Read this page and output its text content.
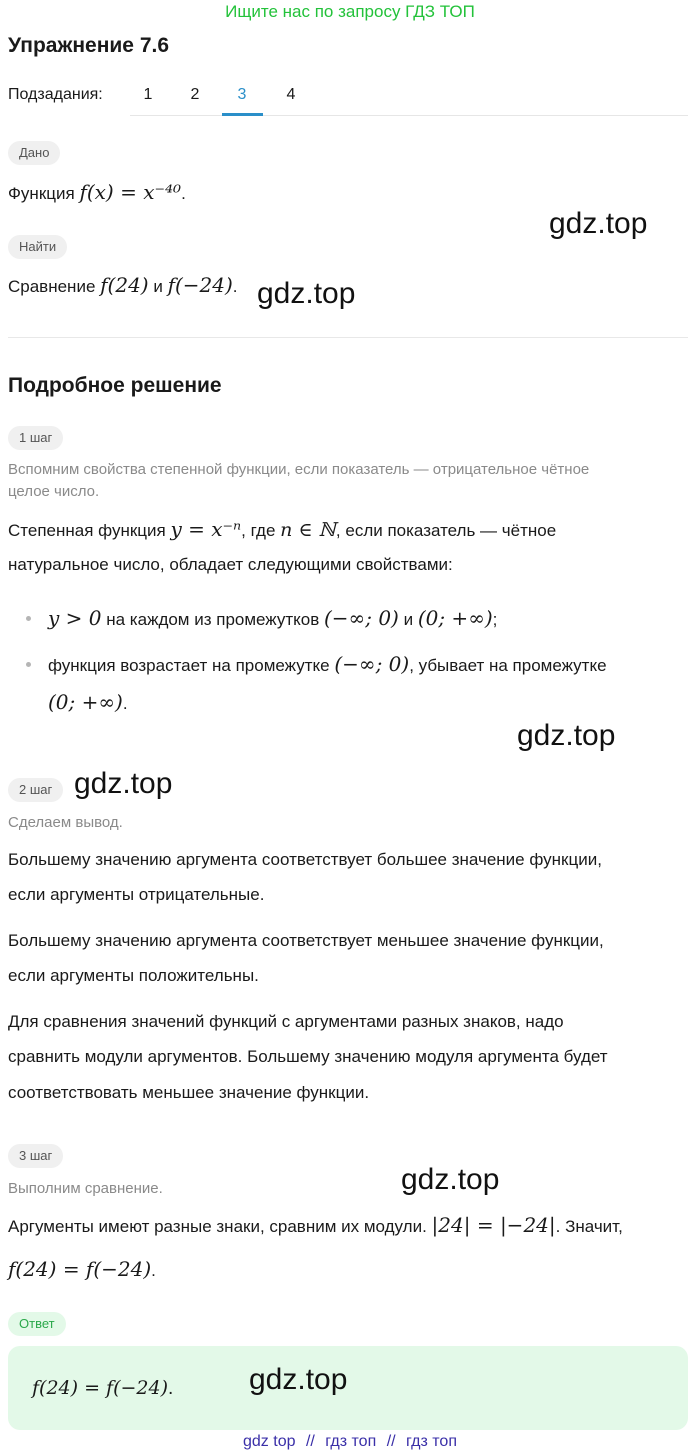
Ищите нас по запросу ГДЗ ТОП
Упражнение 7.6
Подзадания:	1	2	3	4
Дано
Функция f(x) = x⁻⁴⁰.
Найти
Сравнение f(24) и f(−24).
Подробное решение
1 шаг
Вспомним свойства степенной функции, если показатель — отрицательное чётное
целое число.
Степенная функция y = x⁻ⁿ, где n ∈ ℕ, если показатель — чётное
натуральное число, обладает следующими свойствами:
y > 0 на каждом из промежутков (−∞; 0) и (0; +∞);
функция возрастает на промежутке (−∞; 0), убывает на промежутке
(0; +∞).
2 шаг
Сделаем вывод.
Большему значению аргумента соответствует большее значение функции,
если аргументы отрицательные.
Большему значению аргумента соответствует меньшее значение функции,
если аргументы положительны.
Для сравнения значений функций с аргументами разных знаков, надо
сравнить модули аргументов. Большему значению модуля аргумента будет
соответствовать меньшее значение функции.
3 шаг
Выполним сравнение.
Аргументы имеют разные знаки, сравним их модули. |24| = |−24|. Значит,
f(24) = f(−24).
Ответ
f(24) = f(−24).
gdz.top
gdz.top
gdz.top
gdz.top
gdz.top
gdz.top
gdz top // гдз топ // гдз топ
